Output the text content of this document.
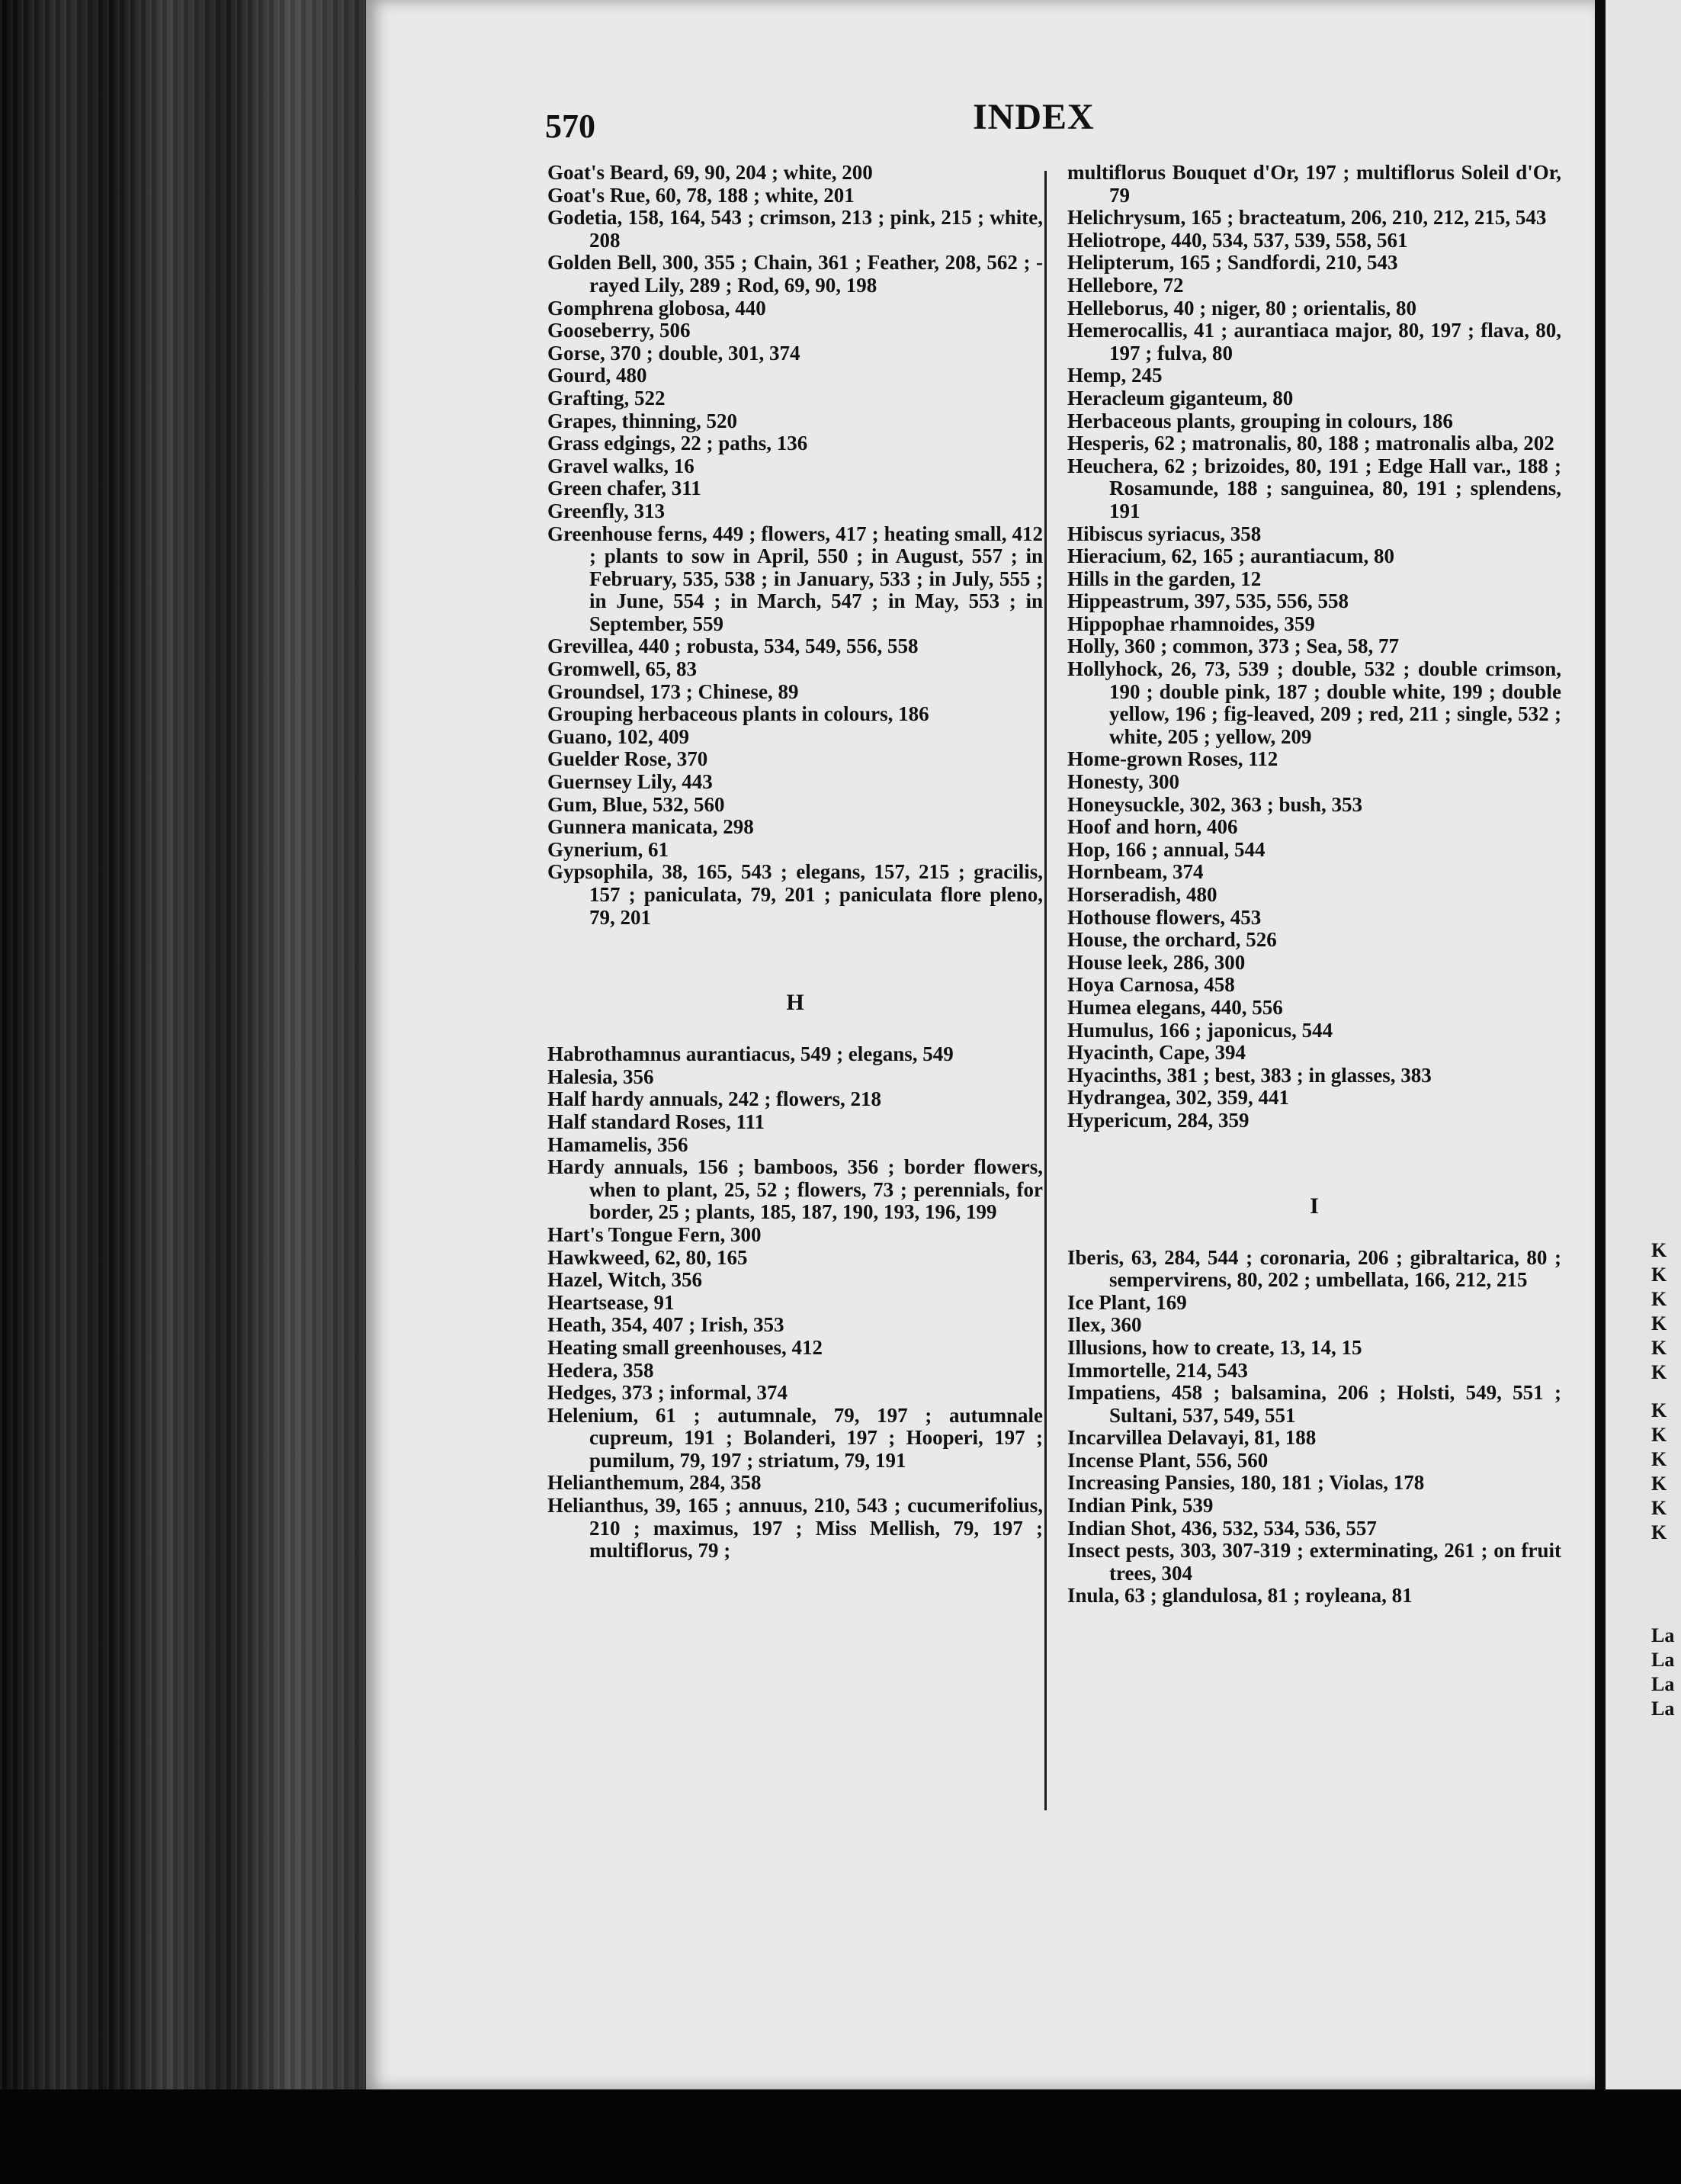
570	INDEX

Goat's Beard, 69, 90, 204 ; white, 200

Goat's Rue, 60, 78, 188 ; white, 201

Godetia, 158, 164, 543 ; crimson, 213 ; pink, 215 ; white, 208

Golden Bell, 300, 355 ; Chain, 361 ; Feather, 208, 562 ; -rayed Lily, 289 ; Rod, 69, 90, 198

Gomphrena globosa, 440

Gooseberry, 506

Gorse, 370 ; double, 301, 374

Gourd, 480

Grafting, 522

Grapes, thinning, 520

Grass edgings, 22 ; paths, 136

Gravel walks, 16

Green chafer, 311

Greenfly, 313

Greenhouse ferns, 449 ; flowers, 417 ; heating small, 412 ; plants to sow in April, 550 ; in August, 557 ; in February, 535, 538 ; in January, 533 ; in July, 555 ; in June, 554 ; in March, 547 ; in May, 553 ; in September, 559

Grevillea, 440 ; robusta, 534, 549, 556, 558

Gromwell, 65, 83

Groundsel, 173 ; Chinese, 89

Grouping herbaceous plants in colours, 186

Guano, 102, 409

Guelder Rose, 370

Guernsey Lily, 443

Gum, Blue, 532, 560

Gunnera manicata, 298

Gynerium, 61

Gypsophila, 38, 165, 543 ; elegans, 157, 215 ; gracilis, 157 ; paniculata, 79, 201 ; paniculata flore pleno, 79, 201

H

Habrothamnus aurantiacus, 549 ; elegans, 549

Halesia, 356

Half hardy annuals, 242 ; flowers, 218

Half standard Roses, 111

Hamamelis, 356

Hardy annuals, 156 ; bamboos, 356 ; border flowers, when to plant, 25, 52 ; flowers, 73 ; perennials, for border, 25 ; plants, 185, 187, 190, 193, 196, 199

Hart's Tongue Fern, 300

Hawkweed, 62, 80, 165

Hazel, Witch, 356

Heartsease, 91

Heath, 354, 407 ; Irish, 353

Heating small greenhouses, 412

Hedera, 358

Hedges, 373 ; informal, 374

Helenium, 61 ; autumnale, 79, 197 ; autumnale cupreum, 191 ; Bolanderi, 197 ; Hooperi, 197 ; pumilum, 79, 197 ; striatum, 79, 191

Helianthemum, 284, 358

Helianthus, 39, 165 ; annuus, 210, 543 ; cucumerifolius, 210 ; maximus, 197 ; Miss Mellish, 79, 197 ; multiflorus, 79 ;

multiflorus Bouquet d'Or, 197 ; multiflorus Soleil d'Or, 79

Helichrysum, 165 ; bracteatum, 206, 210, 212, 215, 543

Heliotrope, 440, 534, 537, 539, 558, 561

Helipterum, 165 ; Sandfordi, 210, 543

Hellebore, 72

Helleborus, 40 ; niger, 80 ; orientalis, 80

Hemerocallis, 41 ; aurantiaca major, 80, 197 ; flava, 80, 197 ; fulva, 80

Hemp, 245

Heracleum giganteum, 80

Herbaceous plants, grouping in colours, 186

Hesperis, 62 ; matronalis, 80, 188 ; matronalis alba, 202

Heuchera, 62 ; brizoides, 80, 191 ; Edge Hall var., 188 ; Rosamunde, 188 ; sanguinea, 80, 191 ; splendens, 191

Hibiscus syriacus, 358

Hieracium, 62, 165 ; aurantiacum, 80

Hills in the garden, 12

Hippeastrum, 397, 535, 556, 558

Hippophae rhamnoides, 359

Holly, 360 ; common, 373 ; Sea, 58, 77

Hollyhock, 26, 73, 539 ; double, 532 ; double crimson, 190 ; double pink, 187 ; double white, 199 ; double yellow, 196 ; fig-leaved, 209 ; red, 211 ; single, 532 ; white, 205 ; yellow, 209

Home-grown Roses, 112

Honesty, 300

Honeysuckle, 302, 363 ; bush, 353

Hoof and horn, 406

Hop, 166 ; annual, 544

Hornbeam, 374

Horseradish, 480

Hothouse flowers, 453

House, the orchard, 526

House leek, 286, 300

Hoya Carnosa, 458

Humea elegans, 440, 556

Humulus, 166 ; japonicus, 544

Hyacinth, Cape, 394

Hyacinths, 381 ; best, 383 ; in glasses, 383

Hydrangea, 302, 359, 441

Hypericum, 284, 359

I

Iberis, 63, 284, 544 ; coronaria, 206 ; gibraltarica, 80 ; sempervirens, 80, 202 ; umbellata, 166, 212, 215

Ice Plant, 169

Ilex, 360

Illusions, how to create, 13, 14, 15

Immortelle, 214, 543

Impatiens, 458 ; balsamina, 206 ; Holsti, 549, 551 ; Sultani, 537, 549, 551

Incarvillea Delavayi, 81, 188

Incense Plant, 556, 560

Increasing Pansies, 180, 181 ; Violas, 178

Indian Pink, 539

Indian Shot, 436, 532, 534, 536, 557

Insect pests, 303, 307-319 ; exterminating, 261 ; on fruit trees, 304

Inula, 63 ; glandulosa, 81 ; royleana, 81

K
K
K
K
K
K
K
K
K
K
K
K
La
La
La
La
